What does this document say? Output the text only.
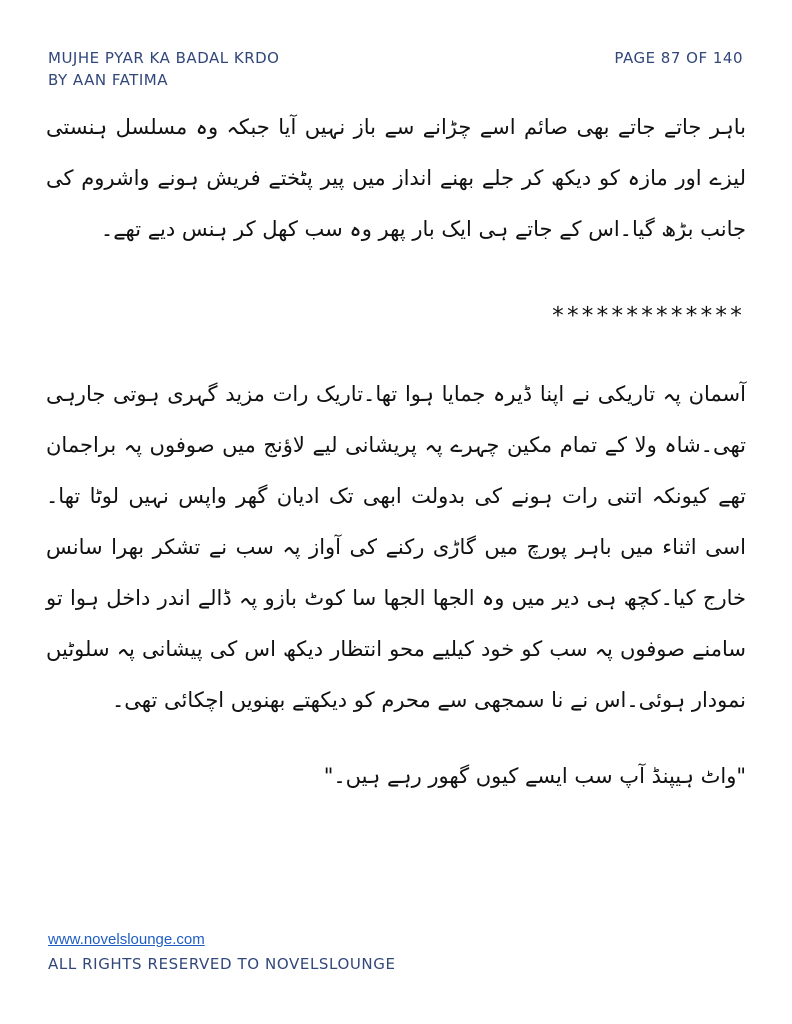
MUJHE PYAR KA BADAL KRDO
BY AAN FATIMA
PAGE 87 OF 140

باہر جاتے جاتے بھی صائم اسے چڑانے سے باز نہیں آیا جبکہ وہ مسلسل ہنستی لیزے اور مازہ کو دیکھ کر جلے بھنے انداز میں پیر پٹختے فریش ہونے واشروم کی جانب بڑھ گیا۔اس کے جاتے ہی ایک بار پھر وہ سب کھل کر ہنس دیے تھے۔

*************

آسمان پہ تاریکی نے اپنا ڈیرہ جمایا ہوا تھا۔تاریک رات مزید گہری ہوتی جارہی تھی۔شاہ ولا کے تمام مکین چہرے پہ پریشانی لیے لاؤنج میں صوفوں پہ براجمان تھے کیونکہ اتنی رات ہونے کی بدولت ابھی تک ادیان گھر واپس نہیں لوٹا تھا۔اسی اثناء میں باہر پورچ میں گاڑی رکنے کی آواز پہ سب نے تشکر بھرا سانس خارج کیا۔کچھ ہی دیر میں وہ الجھا الجھا سا کوٹ بازو پہ ڈالے اندر داخل ہوا تو سامنے صوفوں پہ سب کو خود کیلیے محو انتظار دیکھ اس کی پیشانی پہ سلوٹیں نمودار ہوئی۔اس نے نا سمجھی سے محرم کو دیکھتے بھنویں اچکائی تھی۔

"واٹ ہیپنڈ آپ سب ایسے کیوں گھور رہے ہیں۔"

www.novelslounge.com
ALL RIGHTS RESERVED TO NOVELSLOUNGE
